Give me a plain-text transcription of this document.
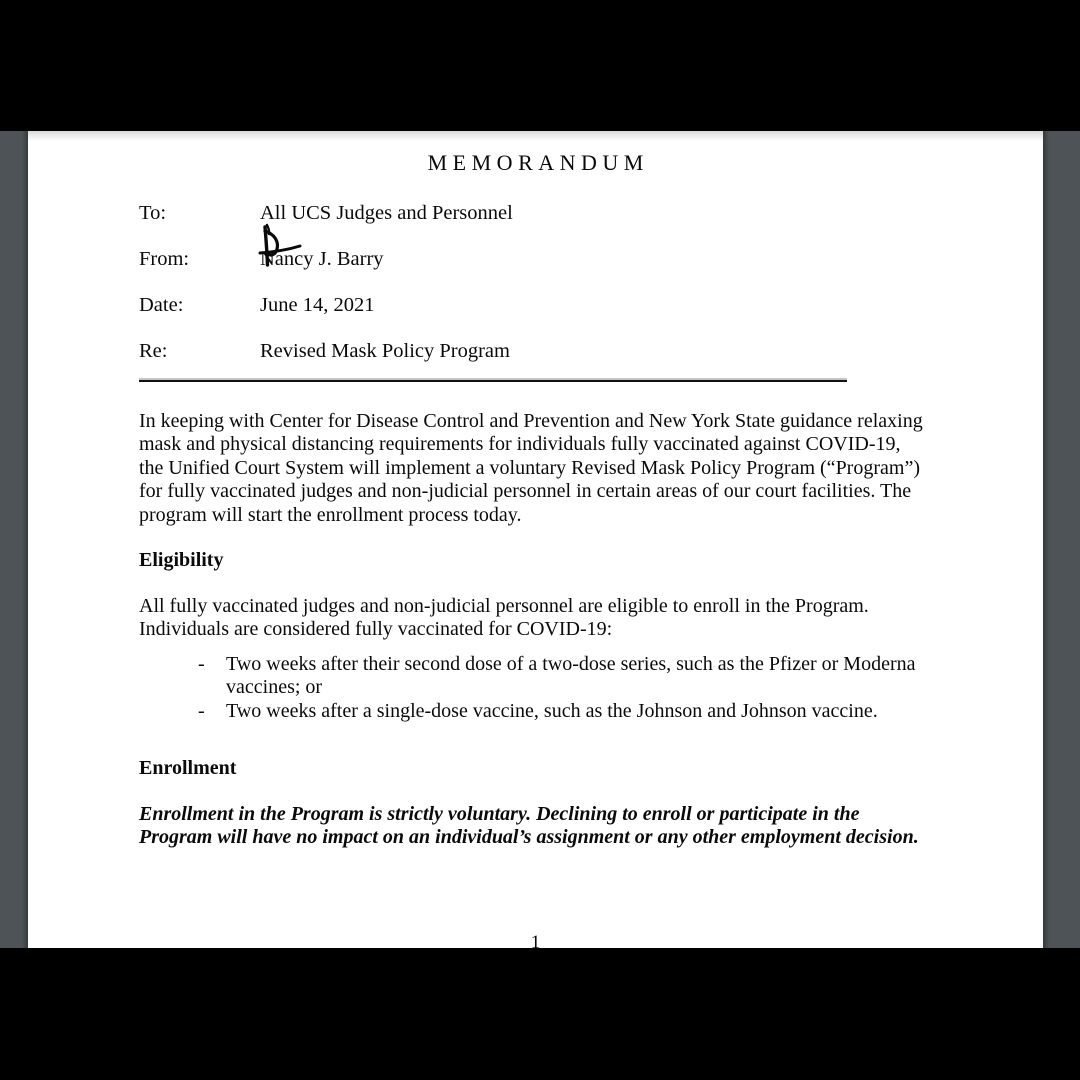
MEMORANDUM
To:	All UCS Judges and Personnel
From:	Nancy J. Barry
Date:	June 14, 2021
Re:	Revised Mask Policy Program
In keeping with Center for Disease Control and Prevention and New York State guidance relaxing mask and physical distancing requirements for individuals fully vaccinated against COVID-19, the Unified Court System will implement a voluntary Revised Mask Policy Program (“Program”) for fully vaccinated judges and non-judicial personnel in certain areas of our court facilities. The program will start the enrollment process today.
Eligibility
All fully vaccinated judges and non-judicial personnel are eligible to enroll in the Program. Individuals are considered fully vaccinated for COVID-19:
- Two weeks after their second dose of a two-dose series, such as the Pfizer or Moderna vaccines; or
- Two weeks after a single-dose vaccine, such as the Johnson and Johnson vaccine.
Enrollment
Enrollment in the Program is strictly voluntary. Declining to enroll or participate in the Program will have no impact on an individual’s assignment or any other employment decision.
1
